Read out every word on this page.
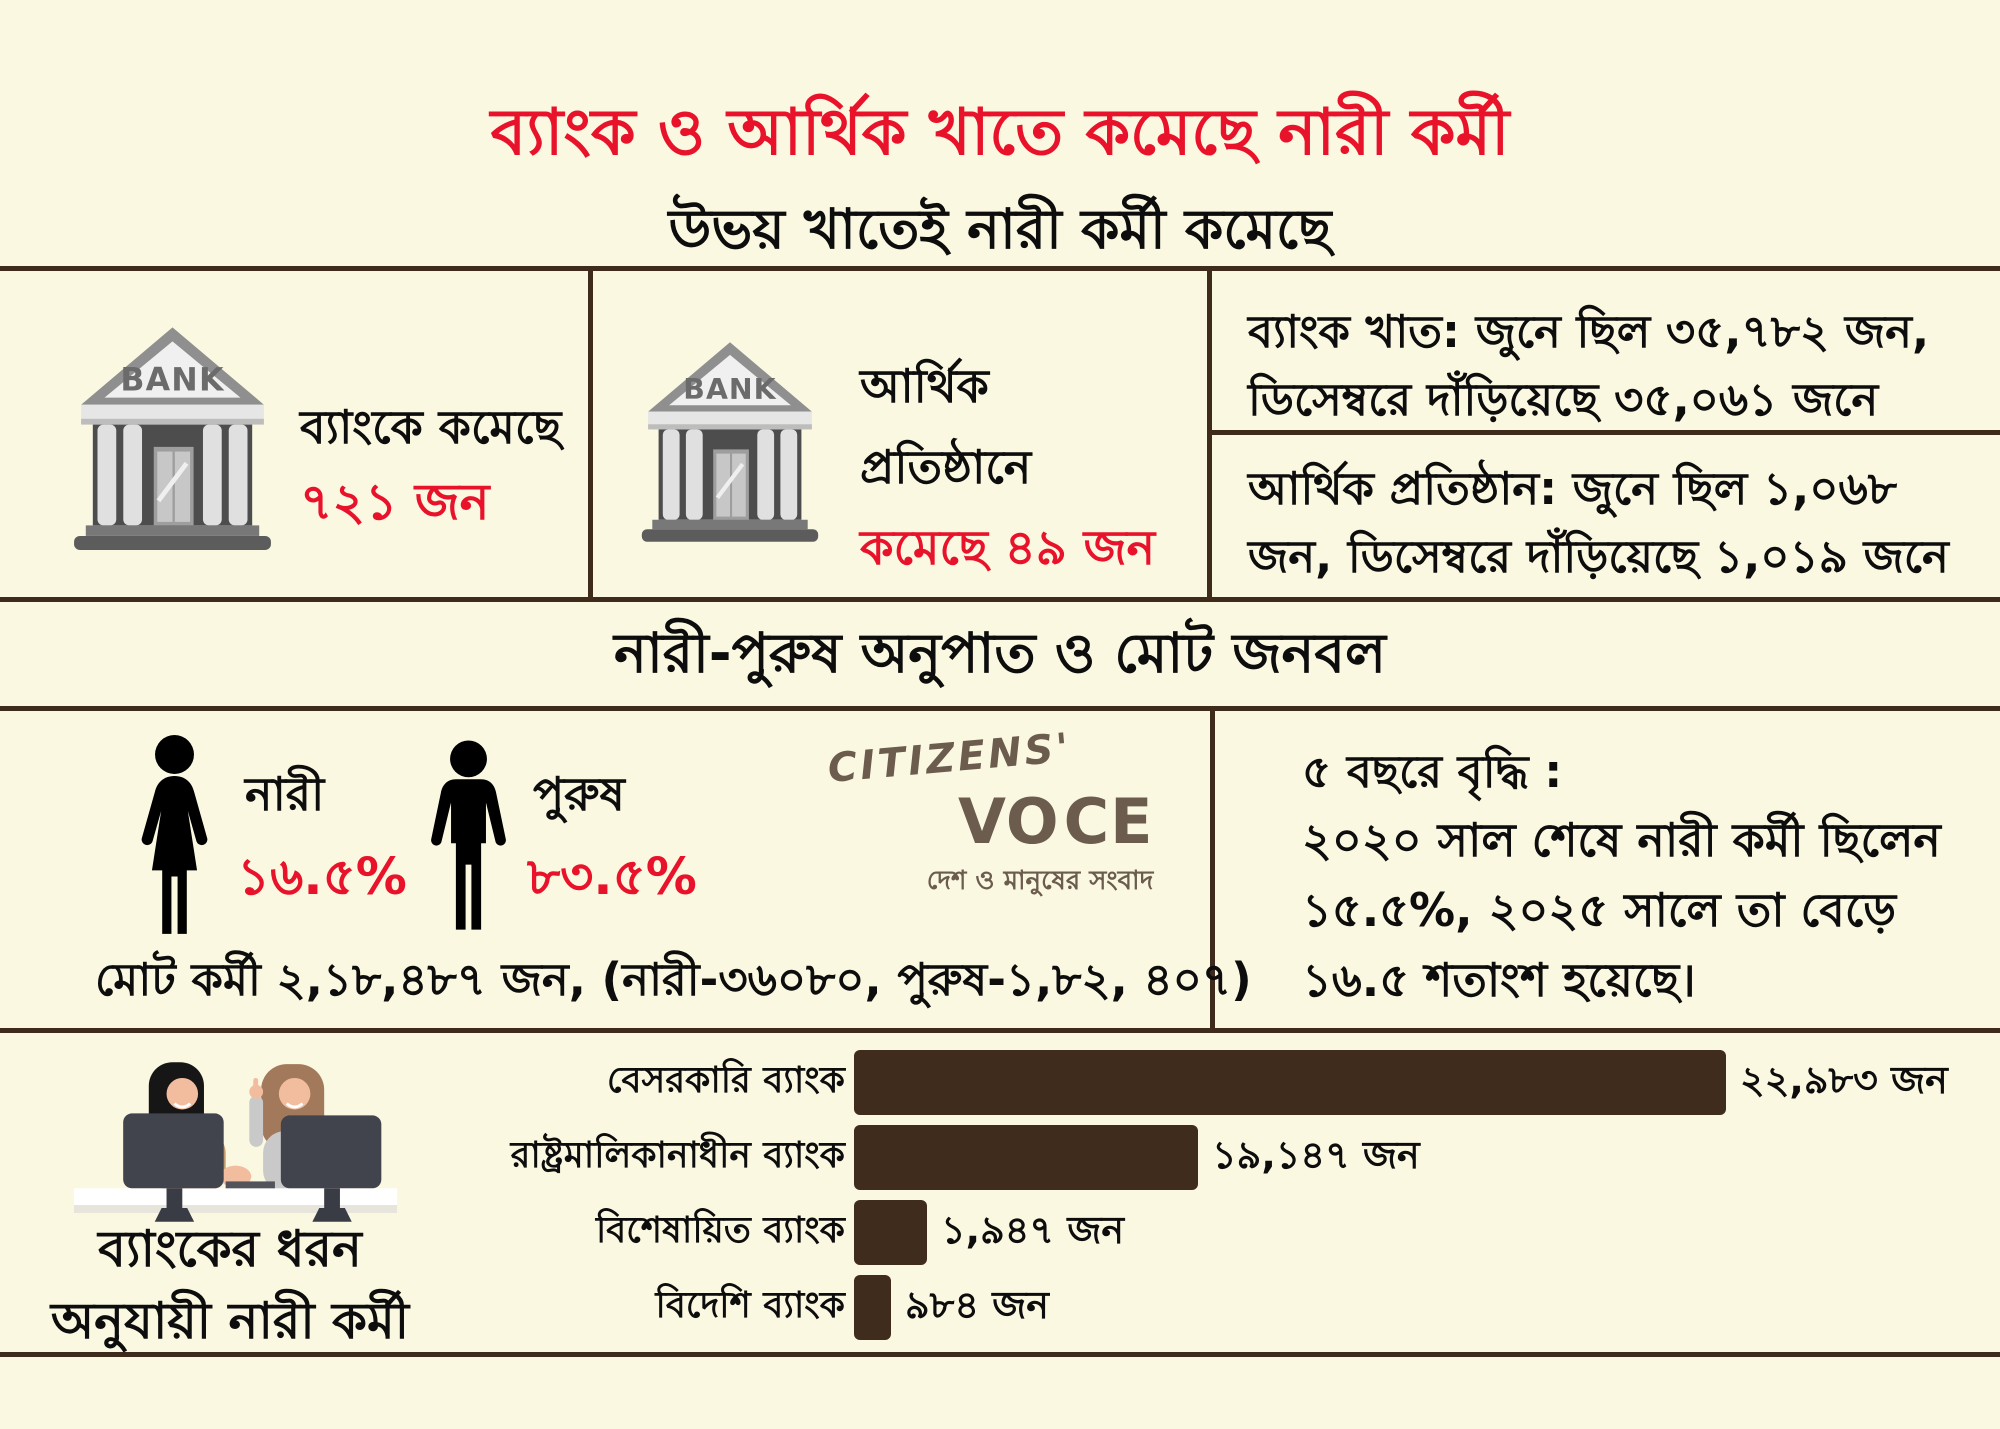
ব্যাংক ও আর্থিক খাতে কমেছে নারী কর্মী
উভয় খাতেই নারী কর্মী কমেছে
BANK
ব্যাংকে কমেছে
৭২১ জন
BANK আর্থিক
প্রতিষ্ঠানে
কমেছে ৪৯ জন
ব্যাংক খাত: জুনে ছিল ৩৫,৭৮২ জন,
ডিসেম্বরে দাঁড়িয়েছে ৩৫,০৬১ জনে
আর্থিক প্রতিষ্ঠান: জুনে ছিল ১,০৬৮
জন, ডিসেম্বরে দাঁড়িয়েছে ১,০১৯ জনে
নারী-পুরুষ অনুপাত ও মোট জনবল
নারী
১৬.৫%
পুরুষ
৮৩.৫%
CITIZENS'
VO CE
দেশ ও মানুষের সংবাদ
মোট কর্মী ২,১৮,৪৮৭ জন, (নারী-৩৬০৮০, পুরুষ-১,৮২, ৪০৭)
৫ বছরে বৃদ্ধি :
২০২০ সাল শেষে নারী কর্মী ছিলেন
১৫.৫%, ২০২৫ সালে তা বেড়ে
১৬.৫ শতাংশ হয়েছে।
ব্যাংকের ধরন
অনুযায়ী নারী কর্মী
বেসরকারি ব্যাংক	২২,৯৮৩ জন
রাষ্ট্রমালিকানাধীন ব্যাংক	১৯,১৪৭ জন
বিশেষায়িত ব্যাংক	১,৯৪৭ জন
বিদেশি ব্যাংক ৯৮৪ জন
